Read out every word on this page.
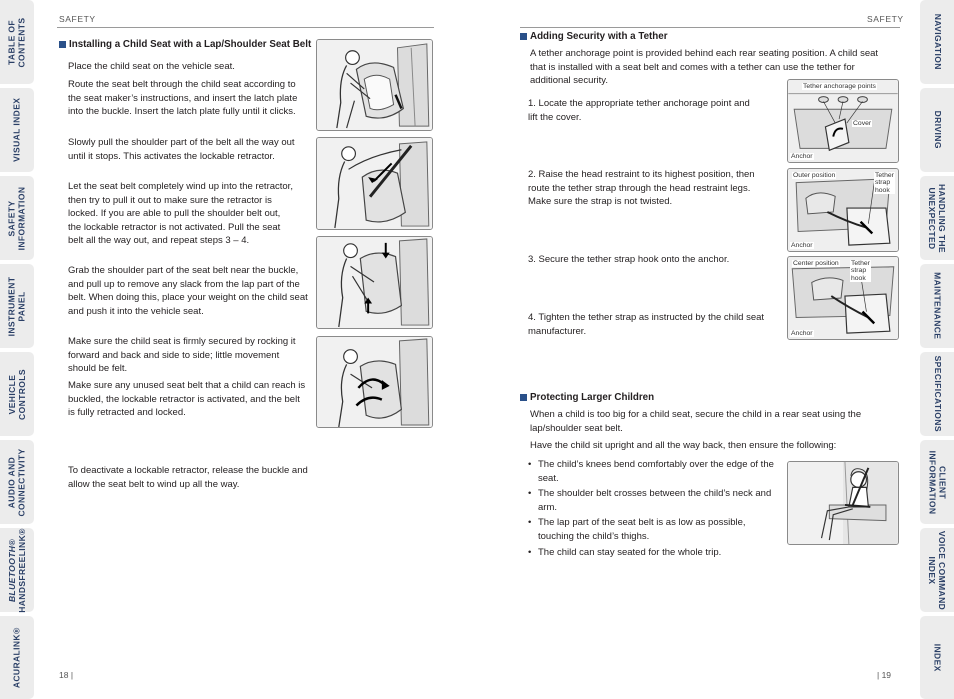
TABLE OF
CONTENTS
VISUAL INDEX
SAFETY
INFORMATION
INSTRUMENT
PANEL
VEHICLE
CONTROLS
AUDIO AND
CONNECTIVITY
BLUETOOTH®
HANDSFREELINK®
ACURALINK®
NAVIGATION
DRIVING
HANDLING THE
UNEXPECTED
MAINTENANCE
SPECIFICATIONS
CLIENT
INFORMATION
VOICE COMMAND
INDEX
INDEX
SAFETY
Installing a Child Seat with a Lap/Shoulder Seat Belt
Place the child seat on the vehicle seat.
Route the seat belt through the child seat according to the seat maker’s instructions, and insert the latch plate into the buckle. Insert the latch plate fully until it clicks.
Slowly pull the shoulder part of the belt all the way out until it stops. This activates the lockable retractor.
Let the seat belt completely wind up into the retractor, then try to pull it out to make sure the retractor is locked. If you are able to pull the shoulder belt out, the lockable retractor is not activated. Pull the seat belt all the way out, and repeat steps 3 – 4.
Grab the shoulder part of the seat belt near the buckle, and pull up to remove any slack from the lap part of the belt. When doing this, place your weight on the child seat and push it into the vehicle seat.
Make sure the child seat is firmly secured by rocking it forward and back and side to side; little movement should be felt.
Make sure any unused seat belt that a child can reach is buckled, the lockable retractor is activated, and the belt is fully retracted and locked.
To deactivate a lockable retractor, release the buckle and allow the seat belt to wind up all the way.
18 |
SAFETY
Adding Security with a Tether
A tether anchorage point is provided behind each rear seating position. A child seat that is installed with a seat belt and comes with a tether can use the tether for additional security.
1. Locate the appropriate tether anchorage point and lift the cover.
2. Raise the head restraint to its highest position, then route the tether strap through the head restraint legs. Make sure the strap is not twisted.
3. Secure the tether strap hook onto the anchor.
4. Tighten the tether strap as instructed by the child seat manufacturer.
Tether anchorage points
Cover
Anchor
Outer position	Tether
strap
hook
Anchor
Center position Tether
strap
hook
Anchor
Protecting Larger Children
When a child is too big for a child seat, secure the child in a rear seat using the lap/shoulder seat belt.
Have the child sit upright and all the way back, then ensure the following:
• The child’s knees bend comfortably over the edge of the seat.
• The shoulder belt crosses between the child’s neck and arm.
• The lap part of the seat belt is as low as possible, touching the child’s thighs.
• The child can stay seated for the whole trip.
| 19
